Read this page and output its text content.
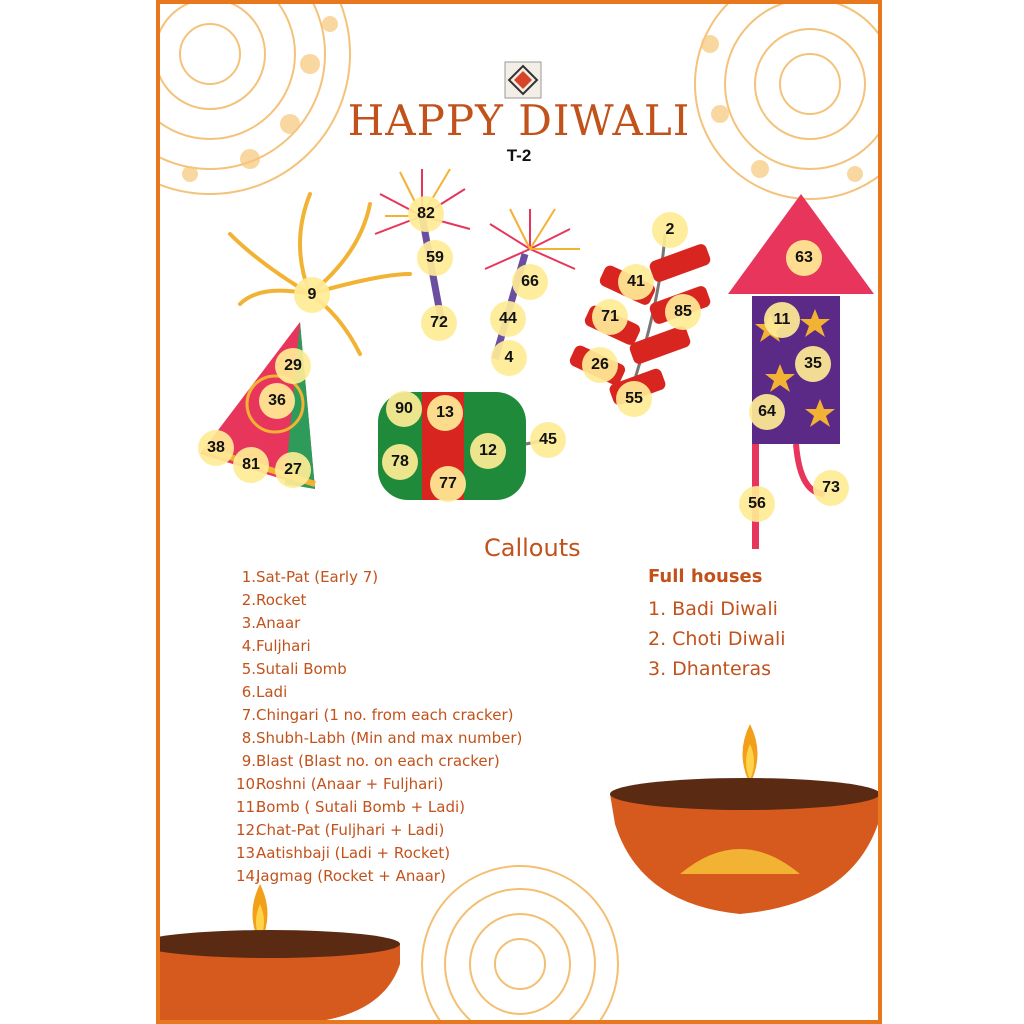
HAPPY DIWALI
T-2
9
82
59
72
66
44
4
2
41
85
71
26
55
63
11
35
64
56
73
29
36
38
81	27
90	13
12
45
78
77
Callouts
1.Sat-Pat (Early 7)
2.Rocket
3.Anaar
4.Fuljhari
5.Sutali Bomb
6.Ladi
7.Chingari (1 no. from each cracker)
8.Shubh-Labh (Min and max number)
9.Blast (Blast no. on each cracker)
10.Roshni (Anaar + Fuljhari)
11.Bomb ( Sutali Bomb + Ladi)
12.Chat-Pat (Fuljhari + Ladi)
13.Aatishbaji (Ladi + Rocket)
14.Jagmag (Rocket + Anaar)
Full houses
1. Badi Diwali
2. Choti Diwali
3. Dhanteras
